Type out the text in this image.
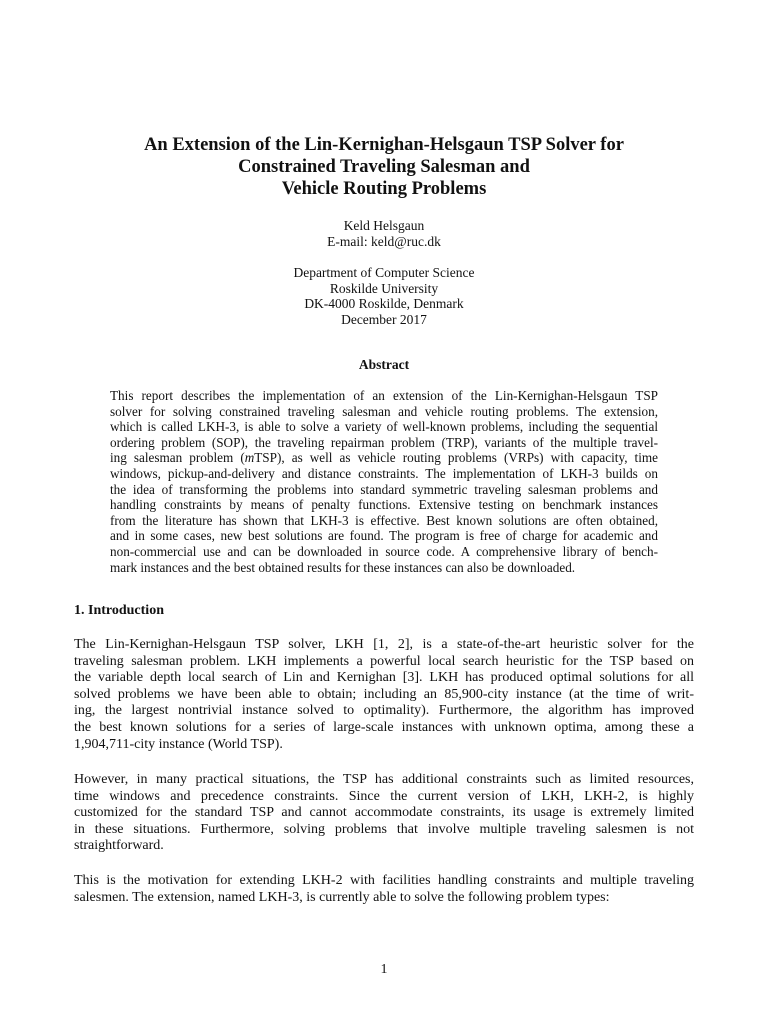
An Extension of the Lin-Kernighan-Helsgaun TSP Solver for
Constrained Traveling Salesman and
Vehicle Routing Problems
Keld Helsgaun
E-mail: keld@ruc.dk
Department of Computer Science
Roskilde University
DK-4000 Roskilde, Denmark
December 2017
Abstract
This report describes the implementation of an extension of the Lin-Kernighan-Helsgaun TSP
solver for solving constrained traveling salesman and vehicle routing problems. The extension,
which is called LKH-3, is able to solve a variety of well-known problems, including the sequential
ordering problem (SOP), the traveling repairman problem (TRP), variants of the multiple travel-
ing salesman problem (mTSP), as well as vehicle routing problems (VRPs) with capacity, time
windows, pickup-and-delivery and distance constraints. The implementation of LKH-3 builds on
the idea of transforming the problems into standard symmetric traveling salesman problems and
handling constraints by means of penalty functions. Extensive testing on benchmark instances
from the literature has shown that LKH-3 is effective. Best known solutions are often obtained,
and in some cases, new best solutions are found. The program is free of charge for academic and
non-commercial use and can be downloaded in source code. A comprehensive library of bench-
mark instances and the best obtained results for these instances can also be downloaded.
1. Introduction
The Lin-Kernighan-Helsgaun TSP solver, LKH [1, 2], is a state-of-the-art heuristic solver for the
traveling salesman problem. LKH implements a powerful local search heuristic for the TSP based on
the variable depth local search of Lin and Kernighan [3]. LKH has produced optimal solutions for all
solved problems we have been able to obtain; including an 85,900-city instance (at the time of writ-
ing, the largest nontrivial instance solved to optimality). Furthermore, the algorithm has improved
the best known solutions for a series of large-scale instances with unknown optima, among these a
1,904,711-city instance (World TSP).
However, in many practical situations, the TSP has additional constraints such as limited resources,
time windows and precedence constraints. Since the current version of LKH, LKH-2, is highly
customized for the standard TSP and cannot accommodate constraints, its usage is extremely limited
in these situations. Furthermore, solving problems that involve multiple traveling salesmen is not
straightforward.
This is the motivation for extending LKH-2 with facilities handling constraints and multiple traveling
salesmen. The extension, named LKH-3, is currently able to solve the following problem types:
1
